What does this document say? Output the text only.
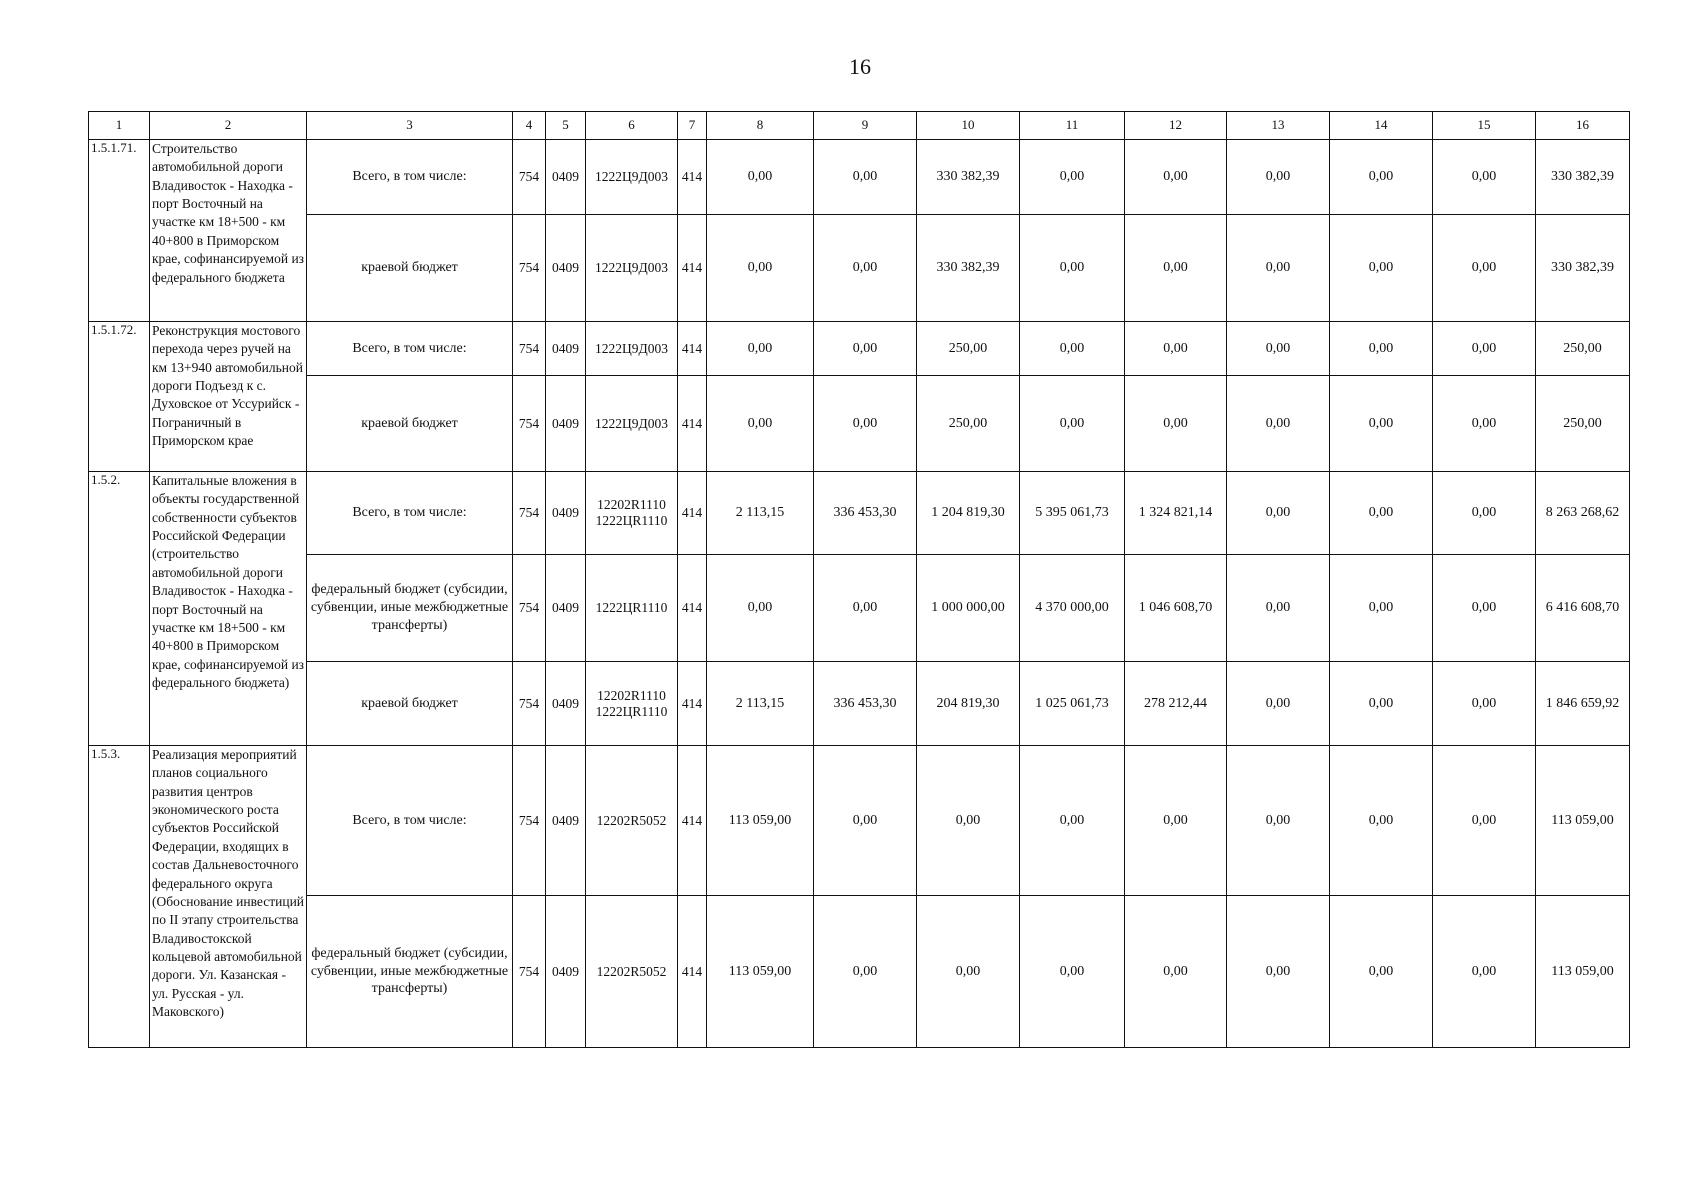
16
1	2	3	4	5	6	7	8	9	10	11	12	13	14	15	16
1.5.1.71.	Строительство автомобильной дороги Владивосток - Находка - порт Восточный на участке км 18+500 - км 40+800 в Приморском крае, софинансируемой из федерального бюджета	Всего, в том числе:	754	0409	1222Ц9Д003	414	0,00	0,00	330 382,39	0,00	0,00	0,00	0,00	0,00	330 382,39
		краевой бюджет	754	0409	1222Ц9Д003	414	0,00	0,00	330 382,39	0,00	0,00	0,00	0,00	0,00	330 382,39
1.5.1.72.	Реконструкция мостового перехода через ручей на км 13+940 автомобильной дороги Подъезд к с. Духовское от Уссурийск - Пограничный в Приморском крае	Всего, в том числе:	754	0409	1222Ц9Д003	414	0,00	0,00	250,00	0,00	0,00	0,00	0,00	0,00	250,00
		краевой бюджет	754	0409	1222Ц9Д003	414	0,00	0,00	250,00	0,00	0,00	0,00	0,00	0,00	250,00
1.5.2.	Капитальные вложения в объекты государственной собственности субъектов Российской Федерации (строительство автомобильной дороги Владивосток - Находка - порт Восточный на участке км 18+500 - км 40+800 в Приморском крае, софинансируемой из федерального бюджета)	Всего, в том числе:	754	0409	12202R1110 1222ЦR1110	414	2 113,15	336 453,30	1 204 819,30	5 395 061,73	1 324 821,14	0,00	0,00	0,00	8 263 268,62
		федеральный бюджет (субсидии, субвенции, иные межбюджетные трансферты)	754	0409	1222ЦR1110	414	0,00	0,00	1 000 000,00	4 370 000,00	1 046 608,70	0,00	0,00	0,00	6 416 608,70
		краевой бюджет	754	0409	12202R1110 1222ЦR1110	414	2 113,15	336 453,30	204 819,30	1 025 061,73	278 212,44	0,00	0,00	0,00	1 846 659,92
1.5.3.	Реализация мероприятий планов социального развития центров экономического роста субъектов Российской Федерации, входящих в состав Дальневосточного федерального округа (Обоснование инвестиций по II этапу строительства Владивостокской кольцевой автомобильной дороги. Ул. Казанская - ул. Русская - ул. Маковского)	Всего, в том числе:	754	0409	12202R5052	414	113 059,00	0,00	0,00	0,00	0,00	0,00	0,00	0,00	113 059,00
		федеральный бюджет (субсидии, субвенции, иные межбюджетные трансферты)	754	0409	12202R5052	414	113 059,00	0,00	0,00	0,00	0,00	0,00	0,00	0,00	113 059,00
